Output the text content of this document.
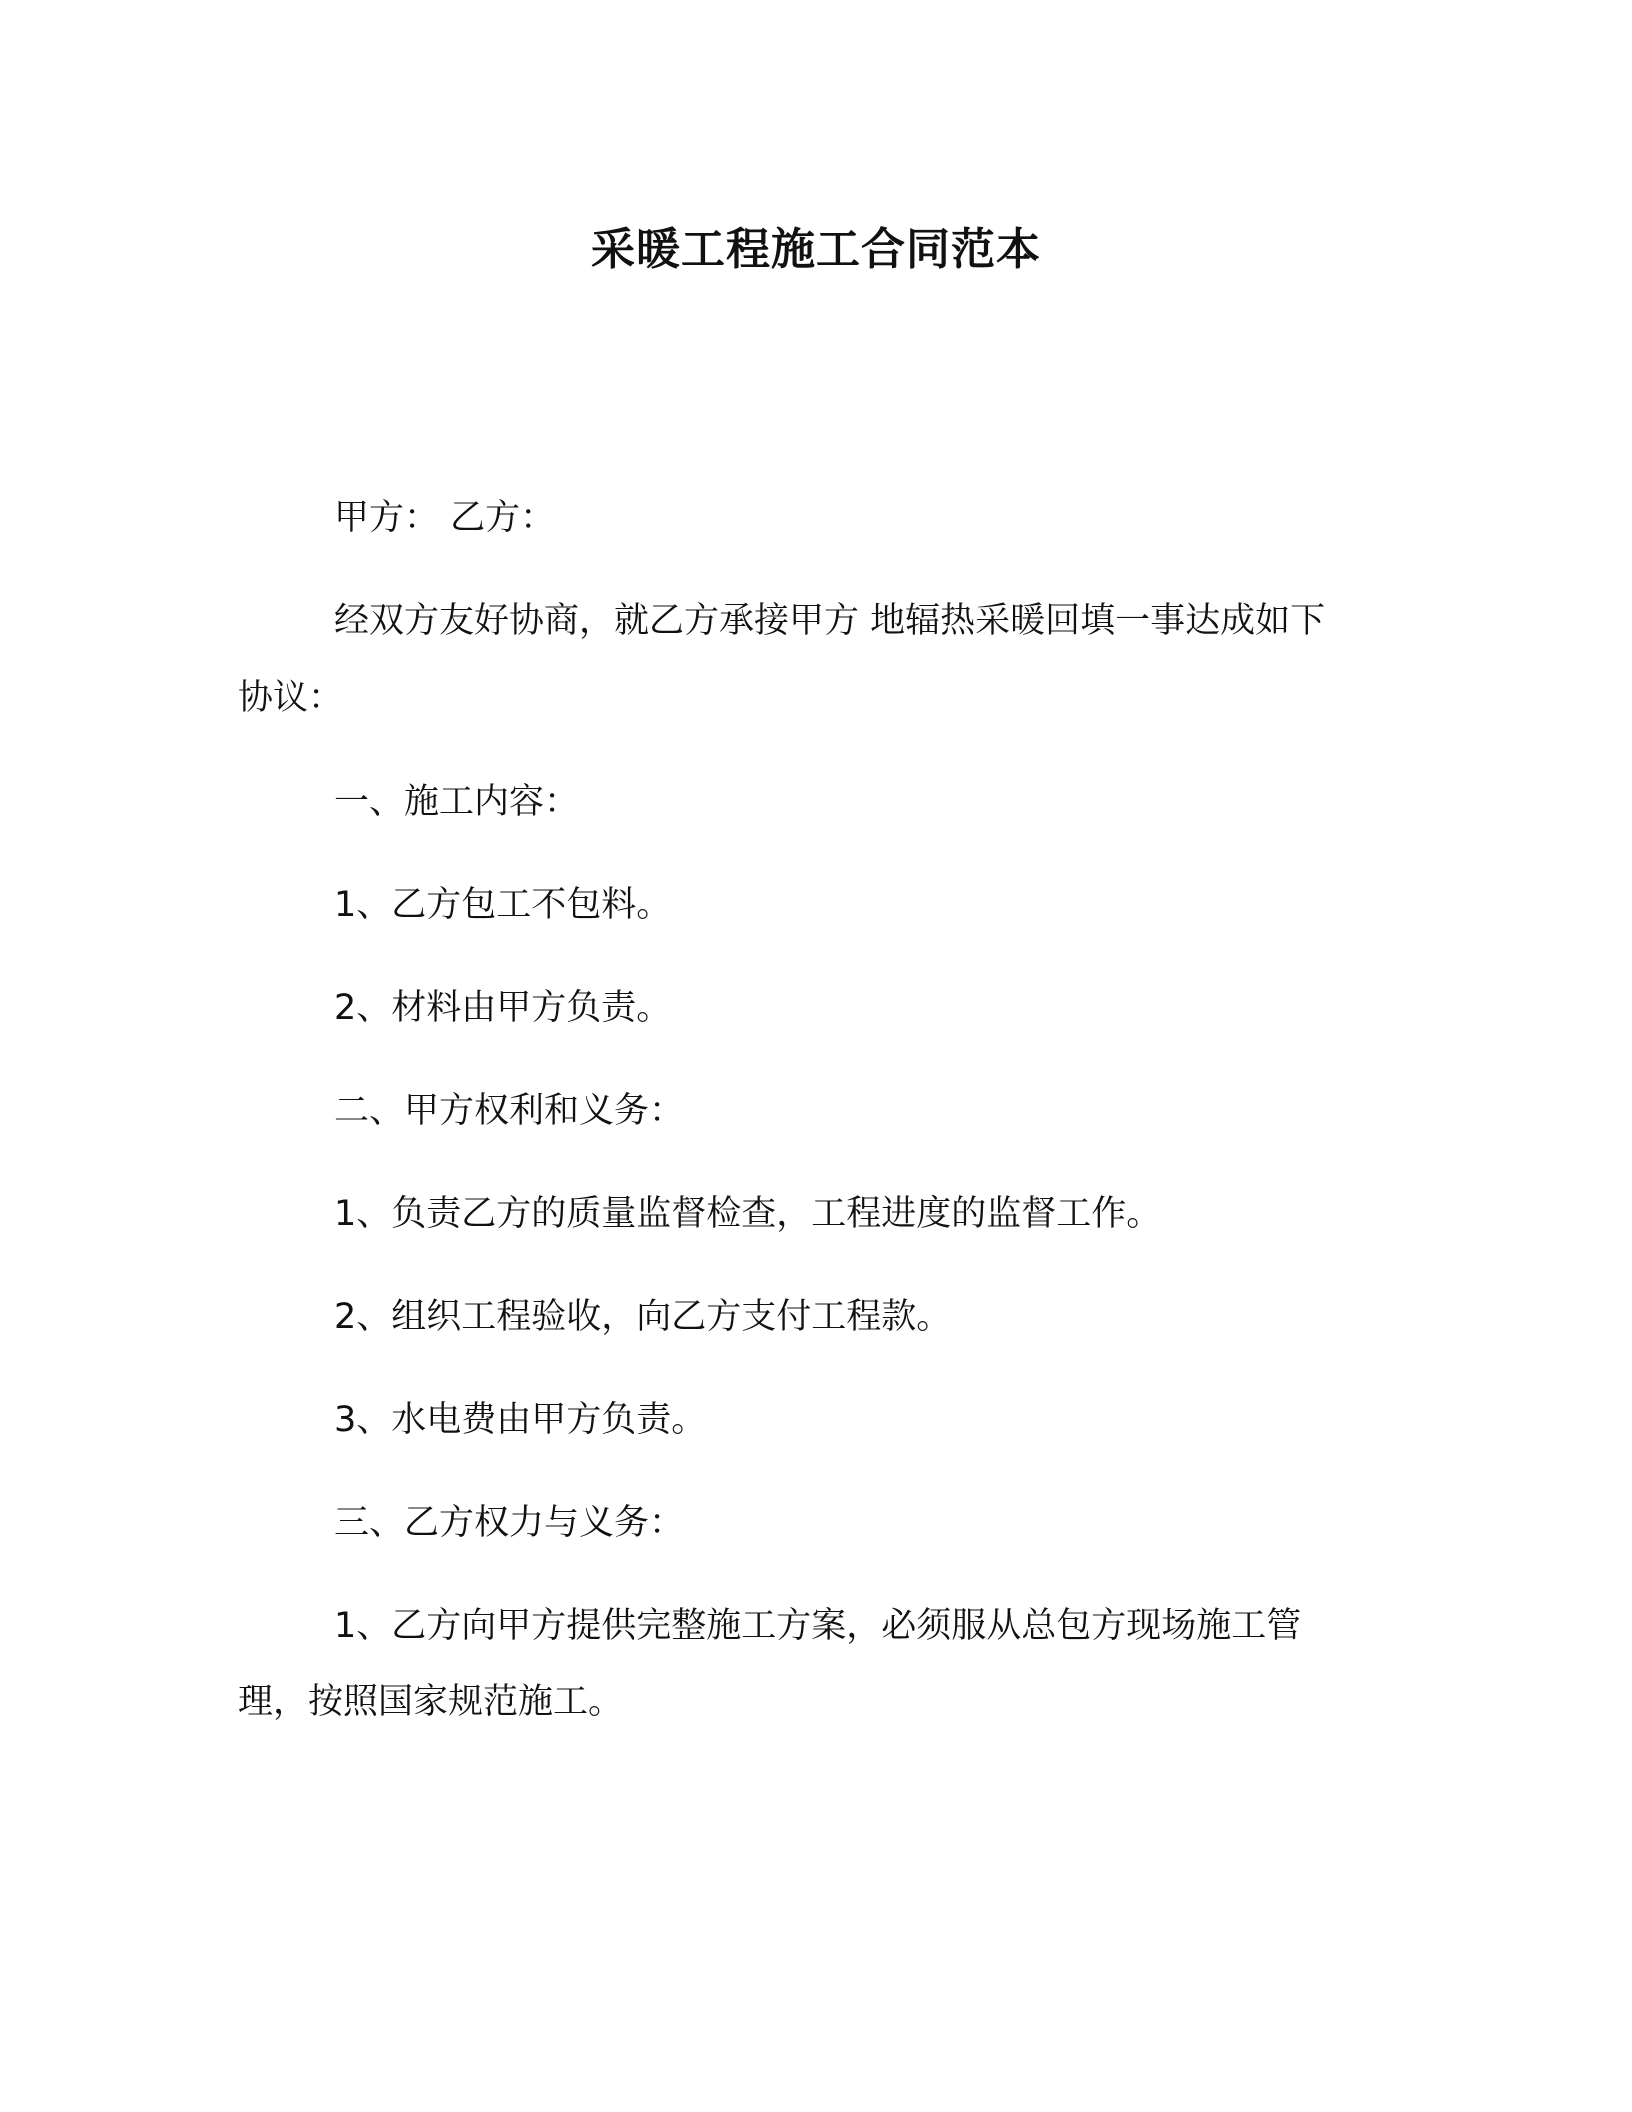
采暖工程施工合同范本
甲方： 乙方：
经双方友好协商，就乙方承接甲方 地辐热采暖回填一事达成如下
协议：
一、施工内容：
1、乙方包工不包料。
2、材料由甲方负责。
二、甲方权利和义务：
1、负责乙方的质量监督检查，工程进度的监督工作。
2、组织工程验收，向乙方支付工程款。
3、水电费由甲方负责。
三、乙方权力与义务：
1、乙方向甲方提供完整施工方案，必须服从总包方现场施工管
理，按照国家规范施工。
